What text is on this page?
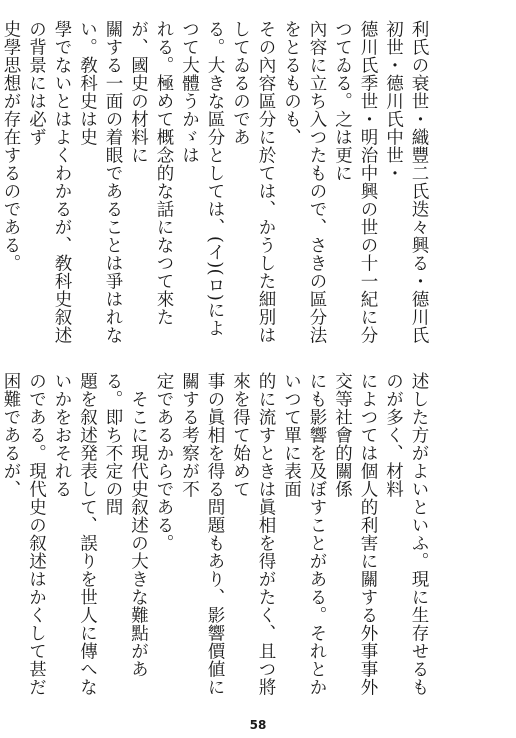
利氏の衰世・織豐二氏迭々興る・德川氏初世・德川氏中世・
德川氏季世・明治中興の世の十一紀に分つてゐる。之は更に
內容に立ち入つたもので、さきの區分法をとるものも、
その內容區分に於ては、かうした細別はしてゐるのであ
る。大きな區分としては、(イ)(ロ)によつて大體うかゞは
れる。極めて概念的な話になつて來たが、國史の材料に
關する一面の着眼であることは爭はれない。敎科史は史
學でないとはよくわかるが、敎科史叙述の背景には必ず
史學思想が存在するのである。

述した方がよいといふ。現に生存せるものが多く、材料
によつては個人的利害に關する外事事外交等社會的關係
にも影響を及ぼすことがある。それとかいつて單に表面
的に流すときは眞相を得がたく、且つ將來を得て始めて
事の眞相を得る問題もあり、影響價値に關する考察が不
定であるからである。
　そこに現代史叙述の大きな難點がある。即ち不定の問
題を叙述発表して、誤りを世人に傳へないかをおそれる
のである。現代史の叙述はかくして甚だ困難であるが、

58
